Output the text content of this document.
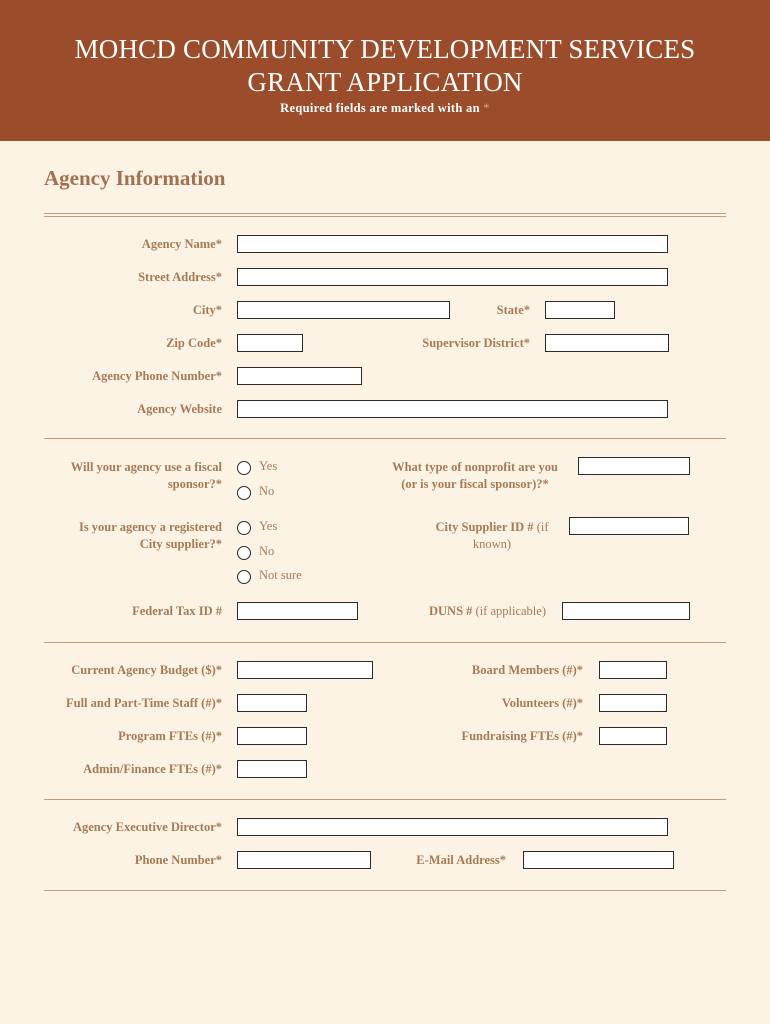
MOHCD COMMUNITY DEVELOPMENT SERVICES
GRANT APPLICATION
Required fields are marked with an *
Agency Information
Agency Name*
Street Address*
City*	State*
Zip Code*	Supervisor District*
Agency Phone Number*
Agency Website
Will your agency use a fiscal
sponsor?*
Yes
No
What type of nonprofit are you
(or is your fiscal sponsor)?*
Is your agency a registered
City supplier?*
Yes
No
Not sure
City Supplier ID # (if
known)
Federal Tax ID #	DUNS # (if applicable)
Current Agency Budget ($)*	Board Members (#)*
Full and Part-Time Staff (#)*	Volunteers (#)*
Program FTEs (#)*	Fundraising FTEs (#)*
Admin/Finance FTEs (#)*
Agency Executive Director*
Phone Number*	E-Mail Address*
